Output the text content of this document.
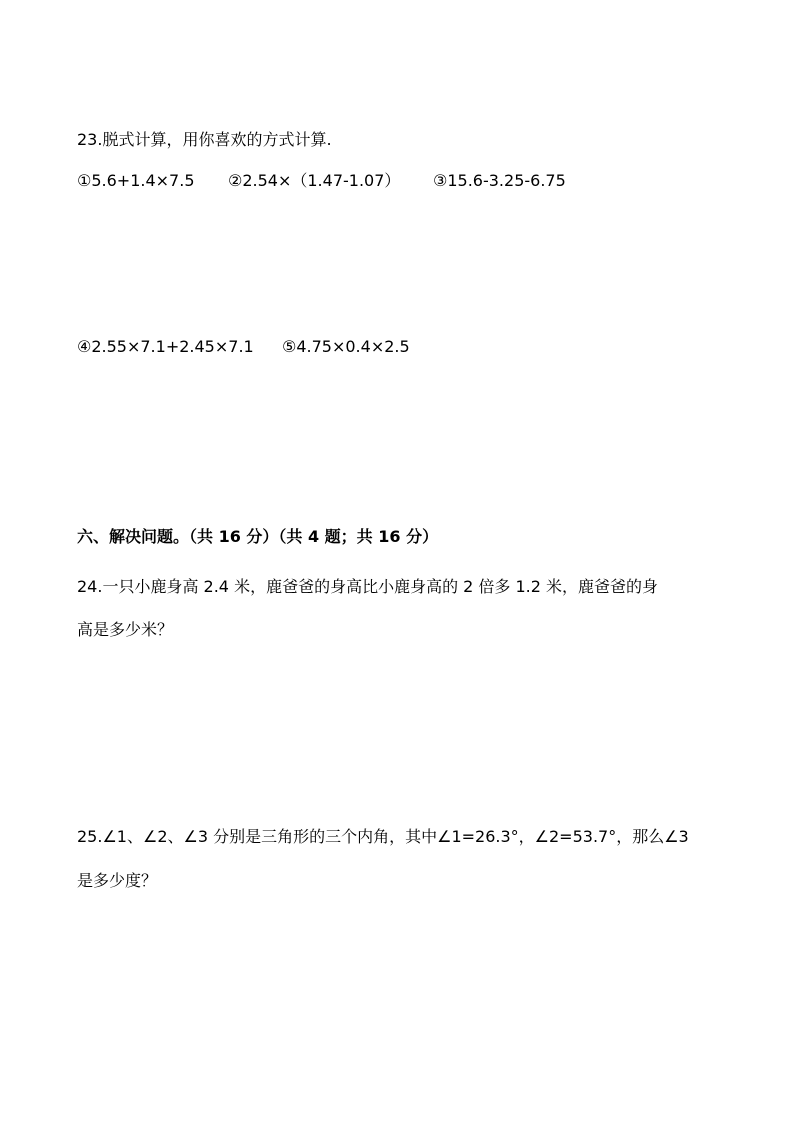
23.脱式计算，用你喜欢的方式计算.
①5.6+1.4×7.5 ②2.54×（1.47-1.07） ③15.6-3.25-6.75
④2.55×7.1+2.45×7.1 ⑤4.75×0.4×2.5
六、解决问题。（共 16 分）（共 4 题；共 16 分）
24.一只小鹿身高 2.4 米，鹿爸爸的身高比小鹿身高的 2 倍多 1.2 米，鹿爸爸的身
高是多少米？
25.∠1、∠2、∠3 分别是三角形的三个内角，其中∠1=26.3°，∠2=53.7°，那么∠3
是多少度？
